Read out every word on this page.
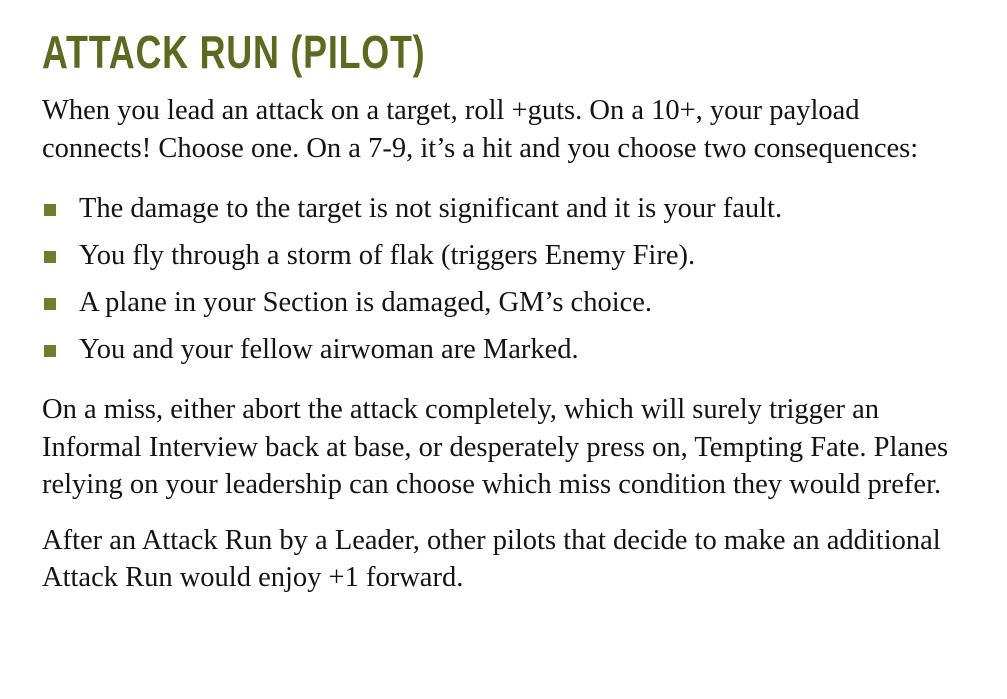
ATTACK RUN (PILOT)

When you lead an attack on a target, roll +guts. On a 10+, your payload connects! Choose one. On a 7-9, it’s a hit and you choose two consequences:

The damage to the target is not significant and it is your fault.
You fly through a storm of flak (triggers Enemy Fire).
A plane in your Section is damaged, GM’s choice.
You and your fellow airwoman are Marked.

On a miss, either abort the attack completely, which will surely trigger an Informal Interview back at base, or desperately press on, Tempting Fate. Planes relying on your leadership can choose which miss condition they would prefer.

After an Attack Run by a Leader, other pilots that decide to make an additional Attack Run would enjoy +1 forward.
